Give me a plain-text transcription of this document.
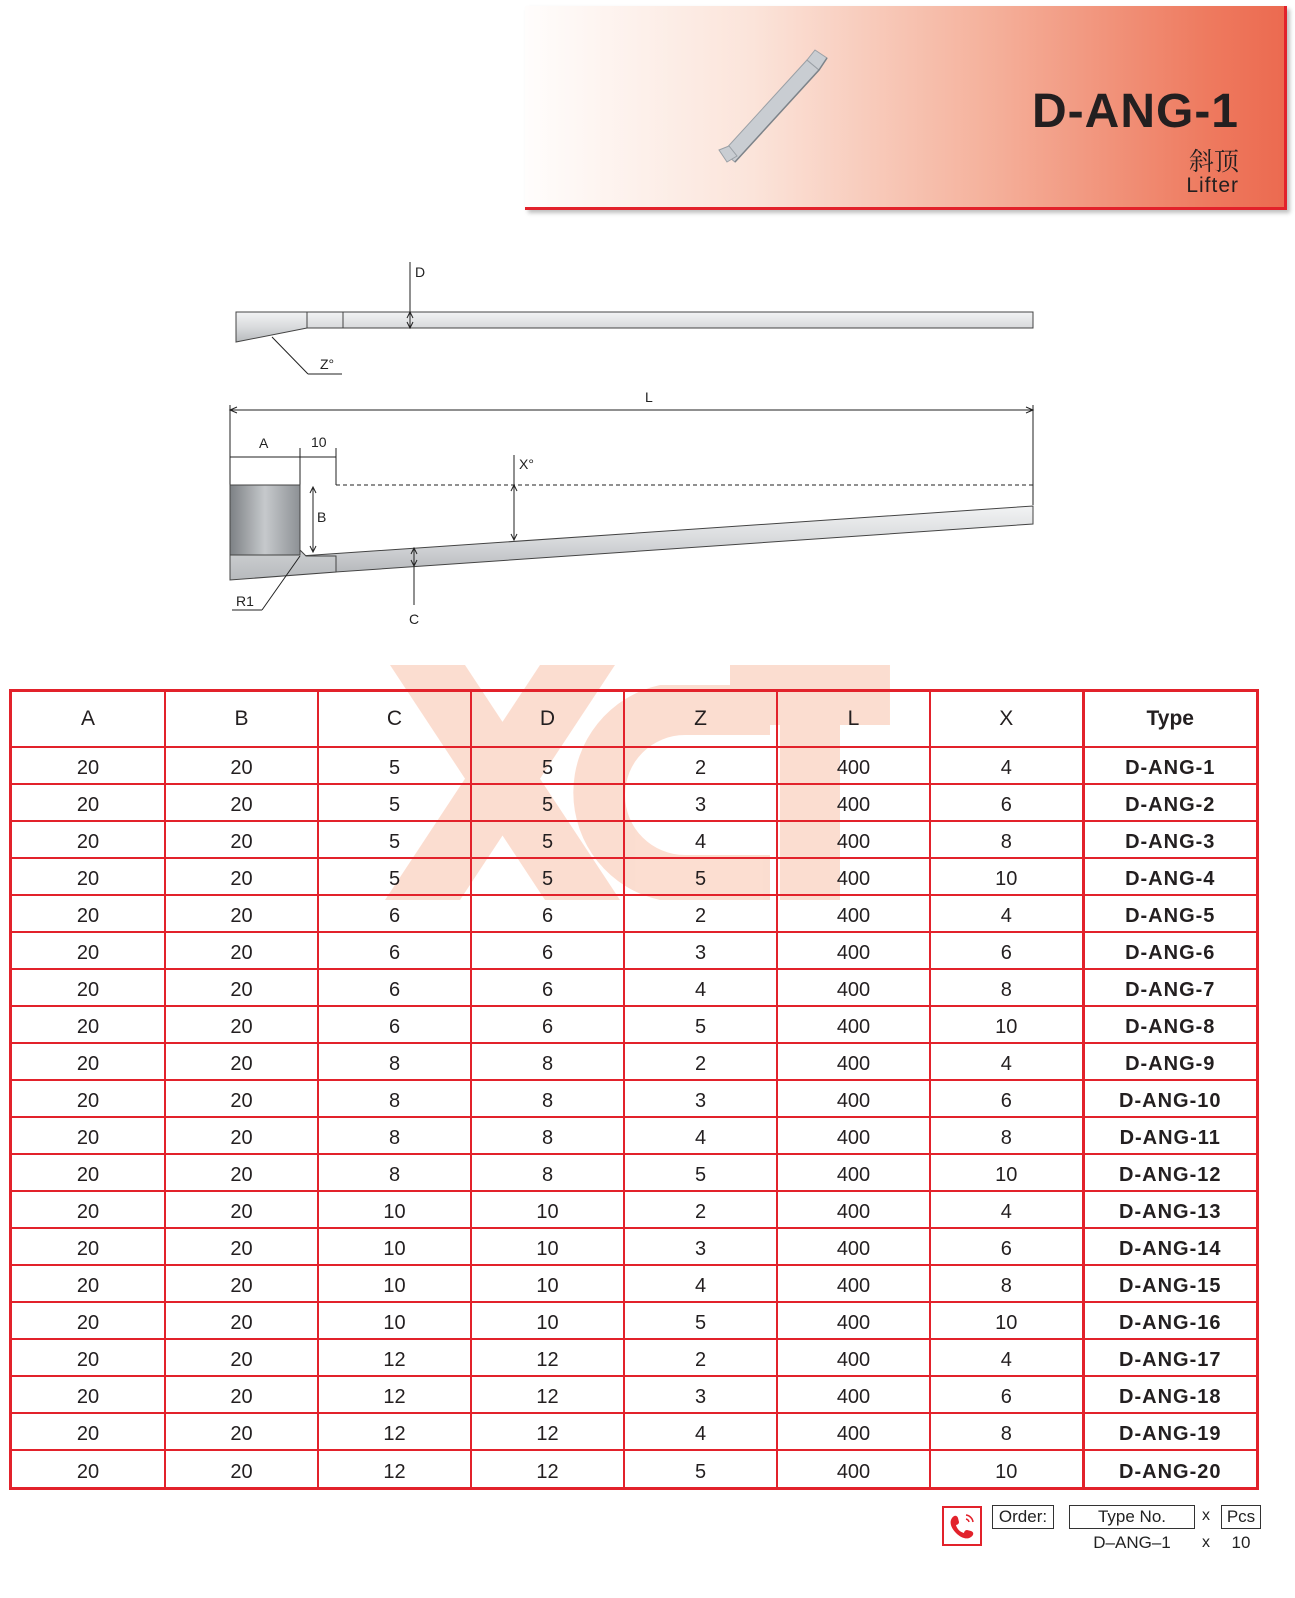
D-ANG-1
斜顶
Lifter
D
Z°
L
A	10
B
X°
C
R1
XCT
A	B	C	D	Z	L	X	Type
20	20	5	5	2	400	4	D-ANG-1
20	20	5	5	3	400	6	D-ANG-2
20	20	5	5	4	400	8	D-ANG-3
20	20	5	5	5	400	10	D-ANG-4
20	20	6	6	2	400	4	D-ANG-5
20	20	6	6	3	400	6	D-ANG-6
20	20	6	6	4	400	8	D-ANG-7
20	20	6	6	5	400	10	D-ANG-8
20	20	8	8	2	400	4	D-ANG-9
20	20	8	8	3	400	6	D-ANG-10
20	20	8	8	4	400	8	D-ANG-11
20	20	8	8	5	400	10	D-ANG-12
20	20	10	10	2	400	4	D-ANG-13
20	20	10	10	3	400	6	D-ANG-14
20	20	10	10	4	400	8	D-ANG-15
20	20	10	10	5	400	10	D-ANG-16
20	20	12	12	2	400	4	D-ANG-17
20	20	12	12	3	400	6	D-ANG-18
20	20	12	12	4	400	8	D-ANG-19
20	20	12	12	5	400	10	D-ANG-20
Order:	Type No.	x Pcs
D–ANG–1	x	10
